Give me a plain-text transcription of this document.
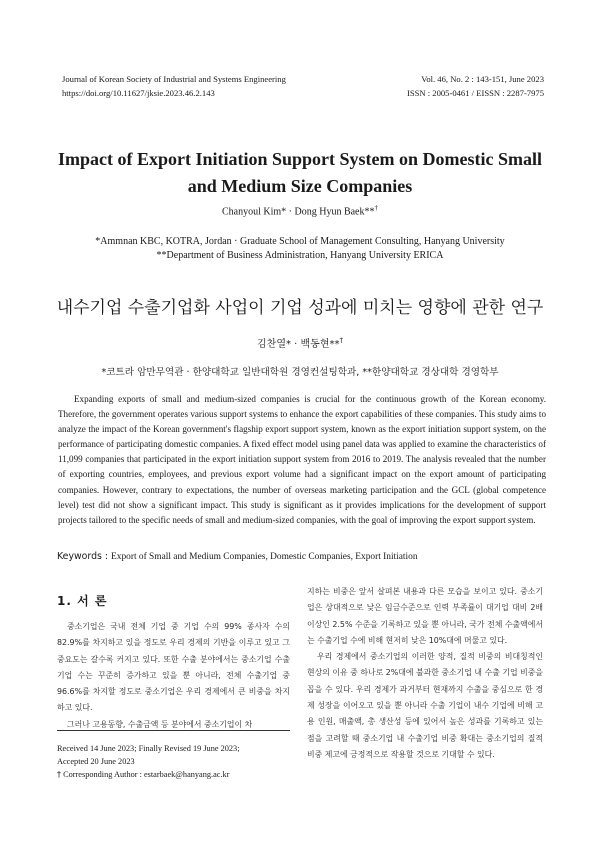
Journal of Korean Society of Industrial and Systems Engineering
https://doi.org/10.11627/jksie.2023.46.2.143
Vol. 46, No. 2 : 143-151, June 2023
ISSN : 2005-0461 / EISSN : 2287-7975
Impact of Export Initiation Support System on Domestic Small
and Medium Size Companies
Chanyoul Kim* · Dong Hyun Baek**†
*Ammnan KBC, KOTRA, Jordan · Graduate School of Management Consulting, Hanyang University
**Department of Business Administration, Hanyang University ERICA
내수기업 수출기업화 사업이 기업 성과에 미치는 영향에 관한 연구
김찬열* · 백동현**†
*코트라 암만무역관 · 한양대학교 일반대학원 경영컨설팅학과, **한양대학교 경상대학 경영학부

Expanding exports of small and medium-sized companies is crucial for the continuous growth of the Korean economy. Therefore, the government operates various support systems to enhance the export capabilities of these companies. This study aims to analyze the impact of the Korean government's flagship export support system, known as the export initiation support system, on the performance of participating domestic companies. A fixed effect model using panel data was applied to examine the characteristics of 11,099 companies that participated in the export initiation support system from 2016 to 2019. The analysis revealed that the number of exporting countries, employees, and previous export volume had a significant impact on the export amount of participating companies. However, contrary to expectations, the number of overseas marketing participation and the GCL (global competence level) test did not show a significant impact. This study is significant as it provides implications for the development of support projects tailored to the specific needs of small and medium-sized companies, with the goal of improving the export support system.

Keywords : Export of Small and Medium Companies, Domestic Companies, Export Initiation
1. 서 론

중소기업은 국내 전체 기업 중 기업 수의 99% 종사자 수의 82.9%를 차지하고 있을 정도로 우리 경제의 기반을 이루고 있고 그 중요도는 갈수록 커지고 있다. 또한 수출 분야에서는 중소기업 수출기업 수는 꾸준히 증가하고 있을 뿐 아니라, 전체 수출기업 중 96.6%를 차지할 정도로 중소기업은 우리 경제에서 큰 비중을 차지하고 있다.

그러나 고용동향, 수출금액 등 분야에서 중소기업이 차

Received 14 June 2023; Finally Revised 19 June 2023;
Accepted 20 June 2023
† Corresponding Author : estarbaek@hanyang.ac.kr

지하는 비중은 앞서 살펴본 내용과 다른 모습을 보이고 있다. 중소기업은 상대적으로 낮은 임금수준으로 인력 부족률이 대기업 대비 2배 이상인 2.5% 수준을 기록하고 있을 뿐 아니라, 국가 전체 수출액에서는 수출기업 수에 비해 현저히 낮은 10%대에 머물고 있다.

우리 경제에서 중소기업의 이러한 양적, 질적 비중의 비대칭적인 현상의 이유 중 하나로 2%대에 불과한 중소기업 내 수출 기업 비중을 꼽을 수 있다. 우리 경제가 과거부터 현재까지 수출을 중심으로 한 경제 성장을 이어오고 있을 뿐 아니라 수출 기업이 내수 기업에 비해 고용 인원, 매출액, 총 생산성 등에 있어서 높은 성과를 기록하고 있는 점을 고려할 때 중소기업 내 수출기업 비중 확대는 중소기업의 질적 비중 제고에 긍정적으로 작용할 것으로 기대할 수 있다.
